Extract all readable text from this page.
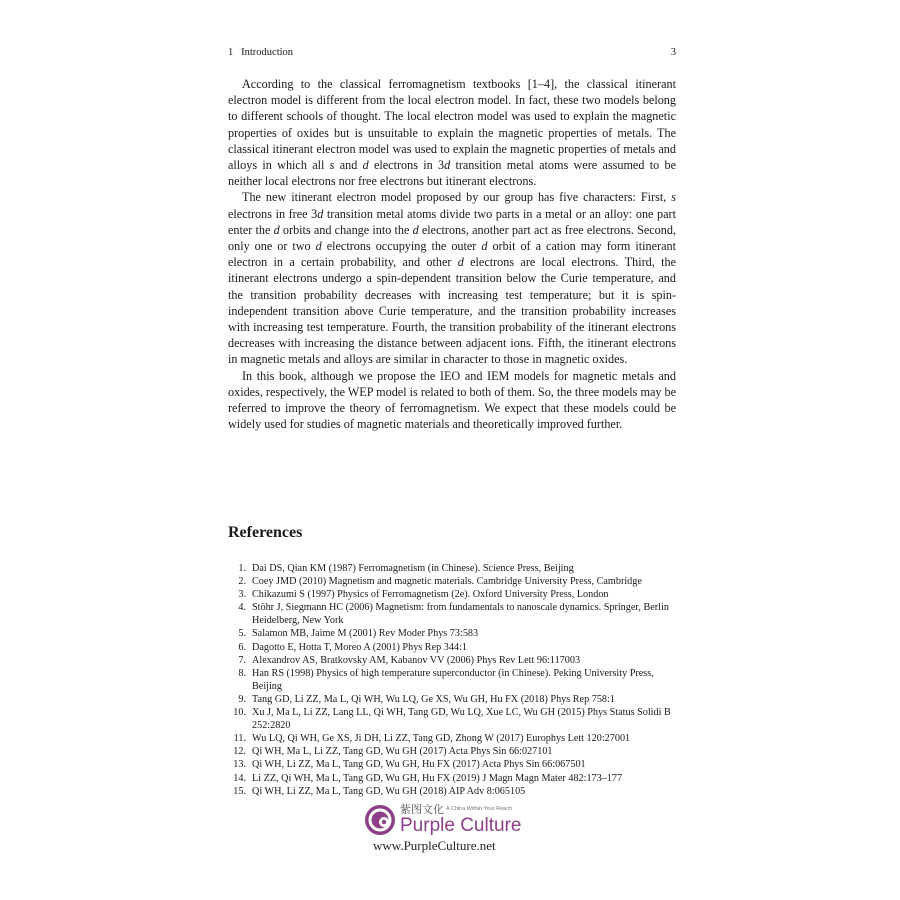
1   Introduction	3

According to the classical ferromagnetism textbooks [1–4], the classical itinerant electron model is different from the local electron model. In fact, these two models belong to different schools of thought. The local electron model was used to explain the magnetic properties of oxides but is unsuitable to explain the magnetic properties of metals. The classical itinerant electron model was used to explain the magnetic properties of metals and alloys in which all s and d electrons in 3d transition metal atoms were assumed to be neither local electrons nor free electrons but itinerant electrons.

The new itinerant electron model proposed by our group has five characters: First, s electrons in free 3d transition metal atoms divide two parts in a metal or an alloy: one part enter the d orbits and change into the d electrons, another part act as free electrons. Second, only one or two d electrons occupying the outer d orbit of a cation may form itinerant electron in a certain probability, and other d electrons are local electrons. Third, the itinerant electrons undergo a spin-dependent transition below the Curie temperature, and the transition probability decreases with increasing test temperature; but it is spin-independent transition above Curie temperature, and the transition probability increases with increasing test temperature. Fourth, the transition probability of the itinerant electrons decreases with increasing the distance between adjacent ions. Fifth, the itinerant electrons in magnetic metals and alloys are similar in character to those in magnetic oxides.

In this book, although we propose the IEO and IEM models for magnetic metals and oxides, respectively, the WEP model is related to both of them. So, the three models may be referred to improve the theory of ferromagnetism. We expect that these models could be widely used for studies of magnetic materials and theoretically improved further.

References
1. Dai DS, Qian KM (1987) Ferromagnetism (in Chinese). Science Press, Beijing
2. Coey JMD (2010) Magnetism and magnetic materials. Cambridge University Press, Cambridge
3. Chikazumi S (1997) Physics of Ferromagnetism (2e). Oxford University Press, London
4. Stöhr J, Siegmann HC (2006) Magnetism: from fundamentals to nanoscale dynamics. Springer, Berlin Heidelberg, New York
5. Salamon MB, Jaime M (2001) Rev Moder Phys 73:583
6. Dagotto E, Hotta T, Moreo A (2001) Phys Rep 344:1
7. Alexandrov AS, Bratkovsky AM, Kabanov VV (2006) Phys Rev Lett 96:117003
8. Han RS (1998) Physics of high temperature superconductor (in Chinese). Peking University Press, Beijing
9. Tang GD, Li ZZ, Ma L, Qi WH, Wu LQ, Ge XS, Wu GH, Hu FX (2018) Phys Rep 758:1
10. Xu J, Ma L, Li ZZ, Lang LL, Qi WH, Tang GD, Wu LQ, Xue LC, Wu GH (2015) Phys Status Solidi B 252:2820
11. Wu LQ, Qi WH, Ge XS, Ji DH, Li ZZ, Tang GD, Zhong W (2017) Europhys Lett 120:27001
12. Qi WH, Ma L, Li ZZ, Tang GD, Wu GH (2017) Acta Phys Sin 66:027101
13. Qi WH, Li ZZ, Ma L, Tang GD, Wu GH, Hu FX (2017) Acta Phys Sin 66:067501
14. Li ZZ, Qi WH, Ma L, Tang GD, Wu GH, Hu FX (2019) J Magn Magn Mater 482:173–177
15. Qi WH, Li ZZ, Ma L, Tang GD, Wu GH (2018) AIP Adv 8:065105
紫图文化 A China Within Your Reach
Purple Culture
www.PurpleCulture.net
